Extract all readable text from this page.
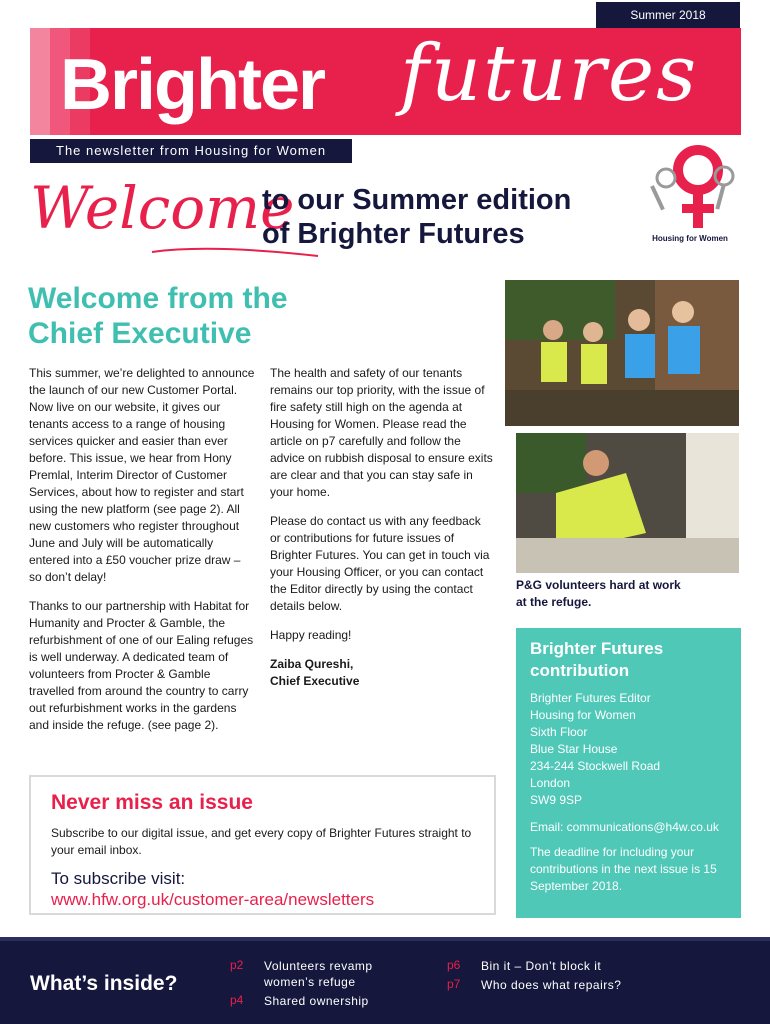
Summer 2018
Brighter futures
The newsletter from Housing for Women
Welcome
to our Summer edition
of Brighter Futures	Housing for Women
Welcome from the
Chief Executive

This summer, we’re delighted to announce the launch of our new Customer Portal. Now live on our website, it gives our tenants access to a range of housing services quicker and easier than ever before. This issue, we hear from Hony Premlal, Interim Director of Customer Services, about how to register and start using the new platform (see page 2). All new customers who register throughout June and July will be automatically entered into a £50 voucher prize draw – so don’t delay!

Thanks to our partnership with Habitat for Humanity and Procter & Gamble, the refurbishment of one of our Ealing refuges is well underway. A dedicated team of volunteers from Procter & Gamble travelled from around the country to carry out refurbishment works in the gardens and inside the refuge. (see page 2).

The health and safety of our tenants remains our top priority, with the issue of fire safety still high on the agenda at Housing for Women. Please read the article on p7 carefully and follow the advice on rubbish disposal to ensure exits are clear and that you can stay safe in your home.

Please do contact us with any feedback or contributions for future issues of Brighter Futures. You can get in touch via your Housing Officer, or you can contact the Editor directly by using the contact details below.

Happy reading!

Zaiba Qureshi,
Chief Executive
P&G volunteers hard at work
at the refuge.
Brighter Futures
contribution
Brighter Futures Editor
Housing for Women
Sixth Floor
Blue Star House
234-244 Stockwell Road
London
SW9 9SP
Email: communications@h4w.co.uk
The deadline for including your contributions in the next issue is 15 September 2018.
Never miss an issue
Subscribe to our digital issue, and get every copy of Brighter Futures straight to your email inbox.
To subscribe visit:
www.hfw.org.uk/customer-area/newsletters
What’s inside?
p2 Volunteers revamp
women’s refuge
p4 Shared ownership
p6 Bin it – Don’t block it
p7 Who does what repairs?
